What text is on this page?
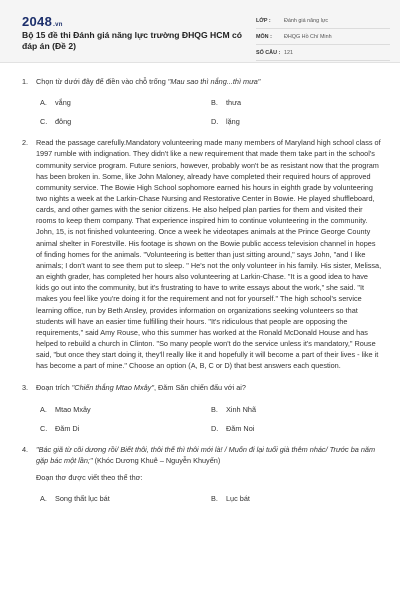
2048.vn
Bộ 15 đề thi Đánh giá năng lực trường ĐHQG HCM có đáp án (Đề 2)
LỚP :	Đánh giá năng lực
MÔN :	ĐHQG Hồ Chí Minh
SỐ CÂU : 121
1.	Chọn từ dưới đây để điền vào chỗ trống "Mau sao thì nắng...thì mưa"
A.	vắng	B.	thưa
C.	đông	D.	lặng
2.	Read the passage carefully.Mandatory volunteering made many members of Maryland high school class of 1997 rumble with indignation. They didn't like a new requirement that made them take part in the school's community service program. Future seniors, however, probably won't be as resistant now that the program has been broken in. Some, like John Maloney, already have completed their required hours of approved community service. The Bowie High School sophomore earned his hours in eighth grade by volunteering two nights a week at the Larkin-Chase Nursing and Restorative Center in Bowie. He played shuffleboard, cards, and other games with the senior citizens. He also helped plan parties for them and visited their rooms to keep them company. That experience inspired him to continue volunteering in the community. John, 15, is not finished volunteering. Once a week he videotapes animals at the Prince George County animal shelter in Forestville. His footage is shown on the Bowie public access television channel in hopes of finding homes for the animals. "Volunteering is better than just sitting around," says John, "and I like animals; I don't want to see them put to sleep. " He's not the only volunteer in his family. His sister, Melissa, an eighth grader, has completed her hours also volunteering at Larkin-Chase. "It is a good idea to have kids go out into the community, but it's frustrating to have to write essays about the work," she said. "It makes you feel like you're doing it for the requirement and not for yourself." The high school's service learning office, run by Beth Ansley, provides information on organizations seeking volunteers so that students will have an easier time fulfilling their hours. "It's ridiculous that people are opposing the requirements," said Amy Rouse, who this summer has worked at the Ronald McDonald House and has helped to rebuild a church in Clinton. "So many people won't do the service unless it's mandatory," Rouse said, "but once they start doing it, they'll really like it and hopefully it will become a part of their lives - like it has become a part of mine." Choose an option (A, B, C or D) that best answers each question.
3.	Đoạn trích "Chiến thắng Mtao Mxây", Đăm Săn chiến đấu với ai?
A.	Mtao Mxây	B.	Xinh Nhã
C.	Đăm Di	D.	Đăm Noi
4.	"Bác giã từ cõi dương rồi/ Biết thôi, thôi thế thì thôi mới là! / Muốn đi lại tuổi già thêm nhác/ Trước ba năm gặp bác một lần;" (Khóc Dương Khuê – Nguyễn Khuyến)
Đoạn thơ được viết theo thể thơ:
A.	Song thất lục bát	B.	Lục bát
